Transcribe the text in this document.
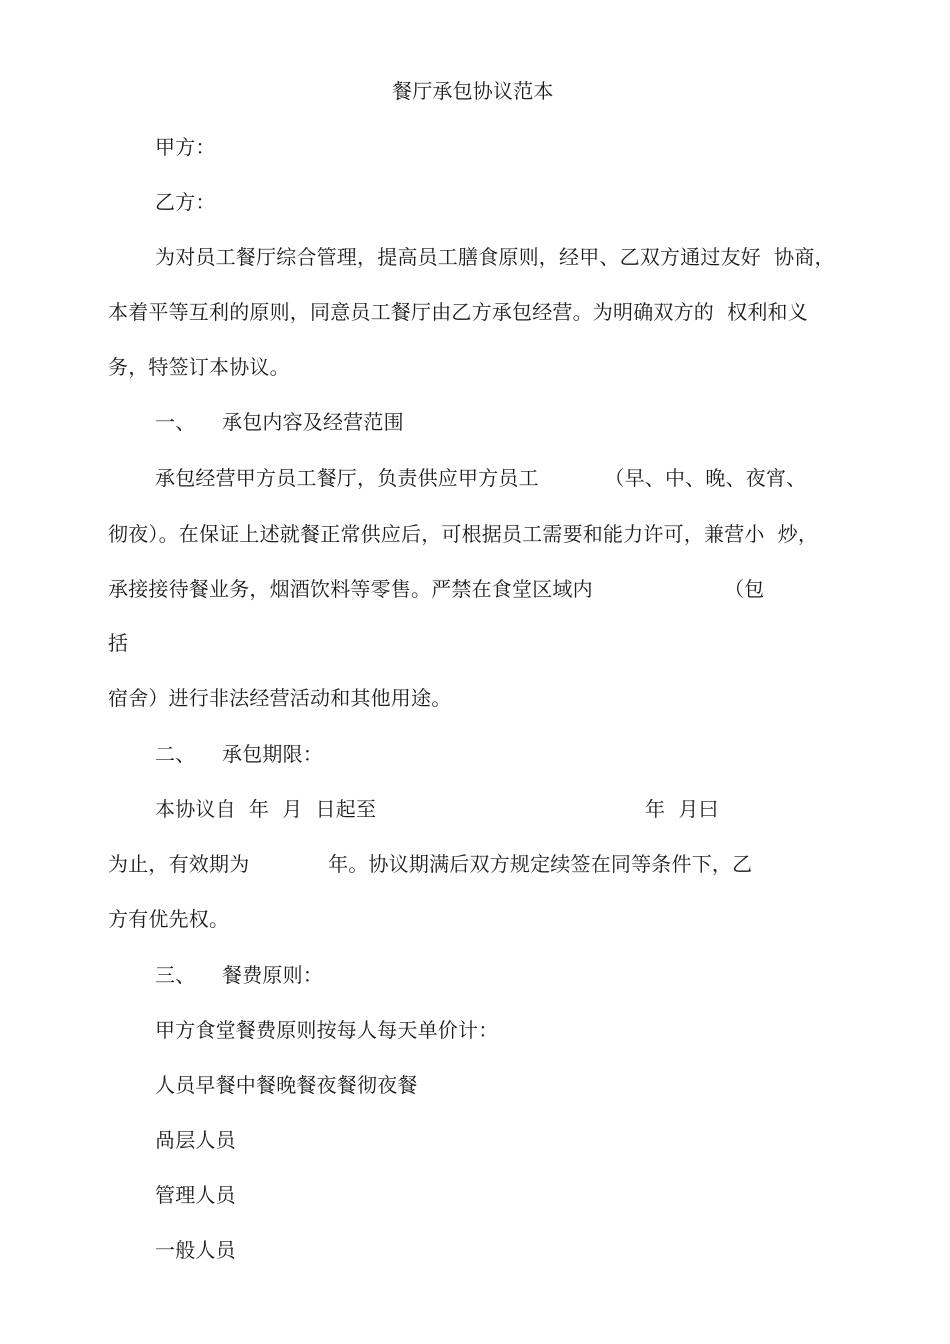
餐厅承包协议范本
甲方：
乙方：
为对员工餐厅综合管理，提高员工膳食原则，经甲、乙双方通过友好  协商，
本着平等互利的原则，同意员工餐厅由乙方承包经营。为明确双方的  权利和义
务，特签订本协议。
一、 承包内容及经营范围
承包经营甲方员工餐厅，负责供应甲方员工          （早、中、晚、夜宵、
彻夜）。在保证上述就餐正常供应后，可根据员工需要和能力许可，兼营小  炒，
承接接待餐业务，烟酒饮料等零售。严禁在食堂区域内                    （包
括
宿舍）进行非法经营活动和其他用途。
二、 承包期限：
本协议自  年  月  日起至                                         年  月曰
为止，有效期为            年。协议期满后双方规定续签在同等条件下，乙
方有优先权。
三、 餐费原则：
甲方食堂餐费原则按每人每天单价计：
人员早餐中餐晚餐夜餐彻夜餐
咼层人员
管理人员
一般人员
